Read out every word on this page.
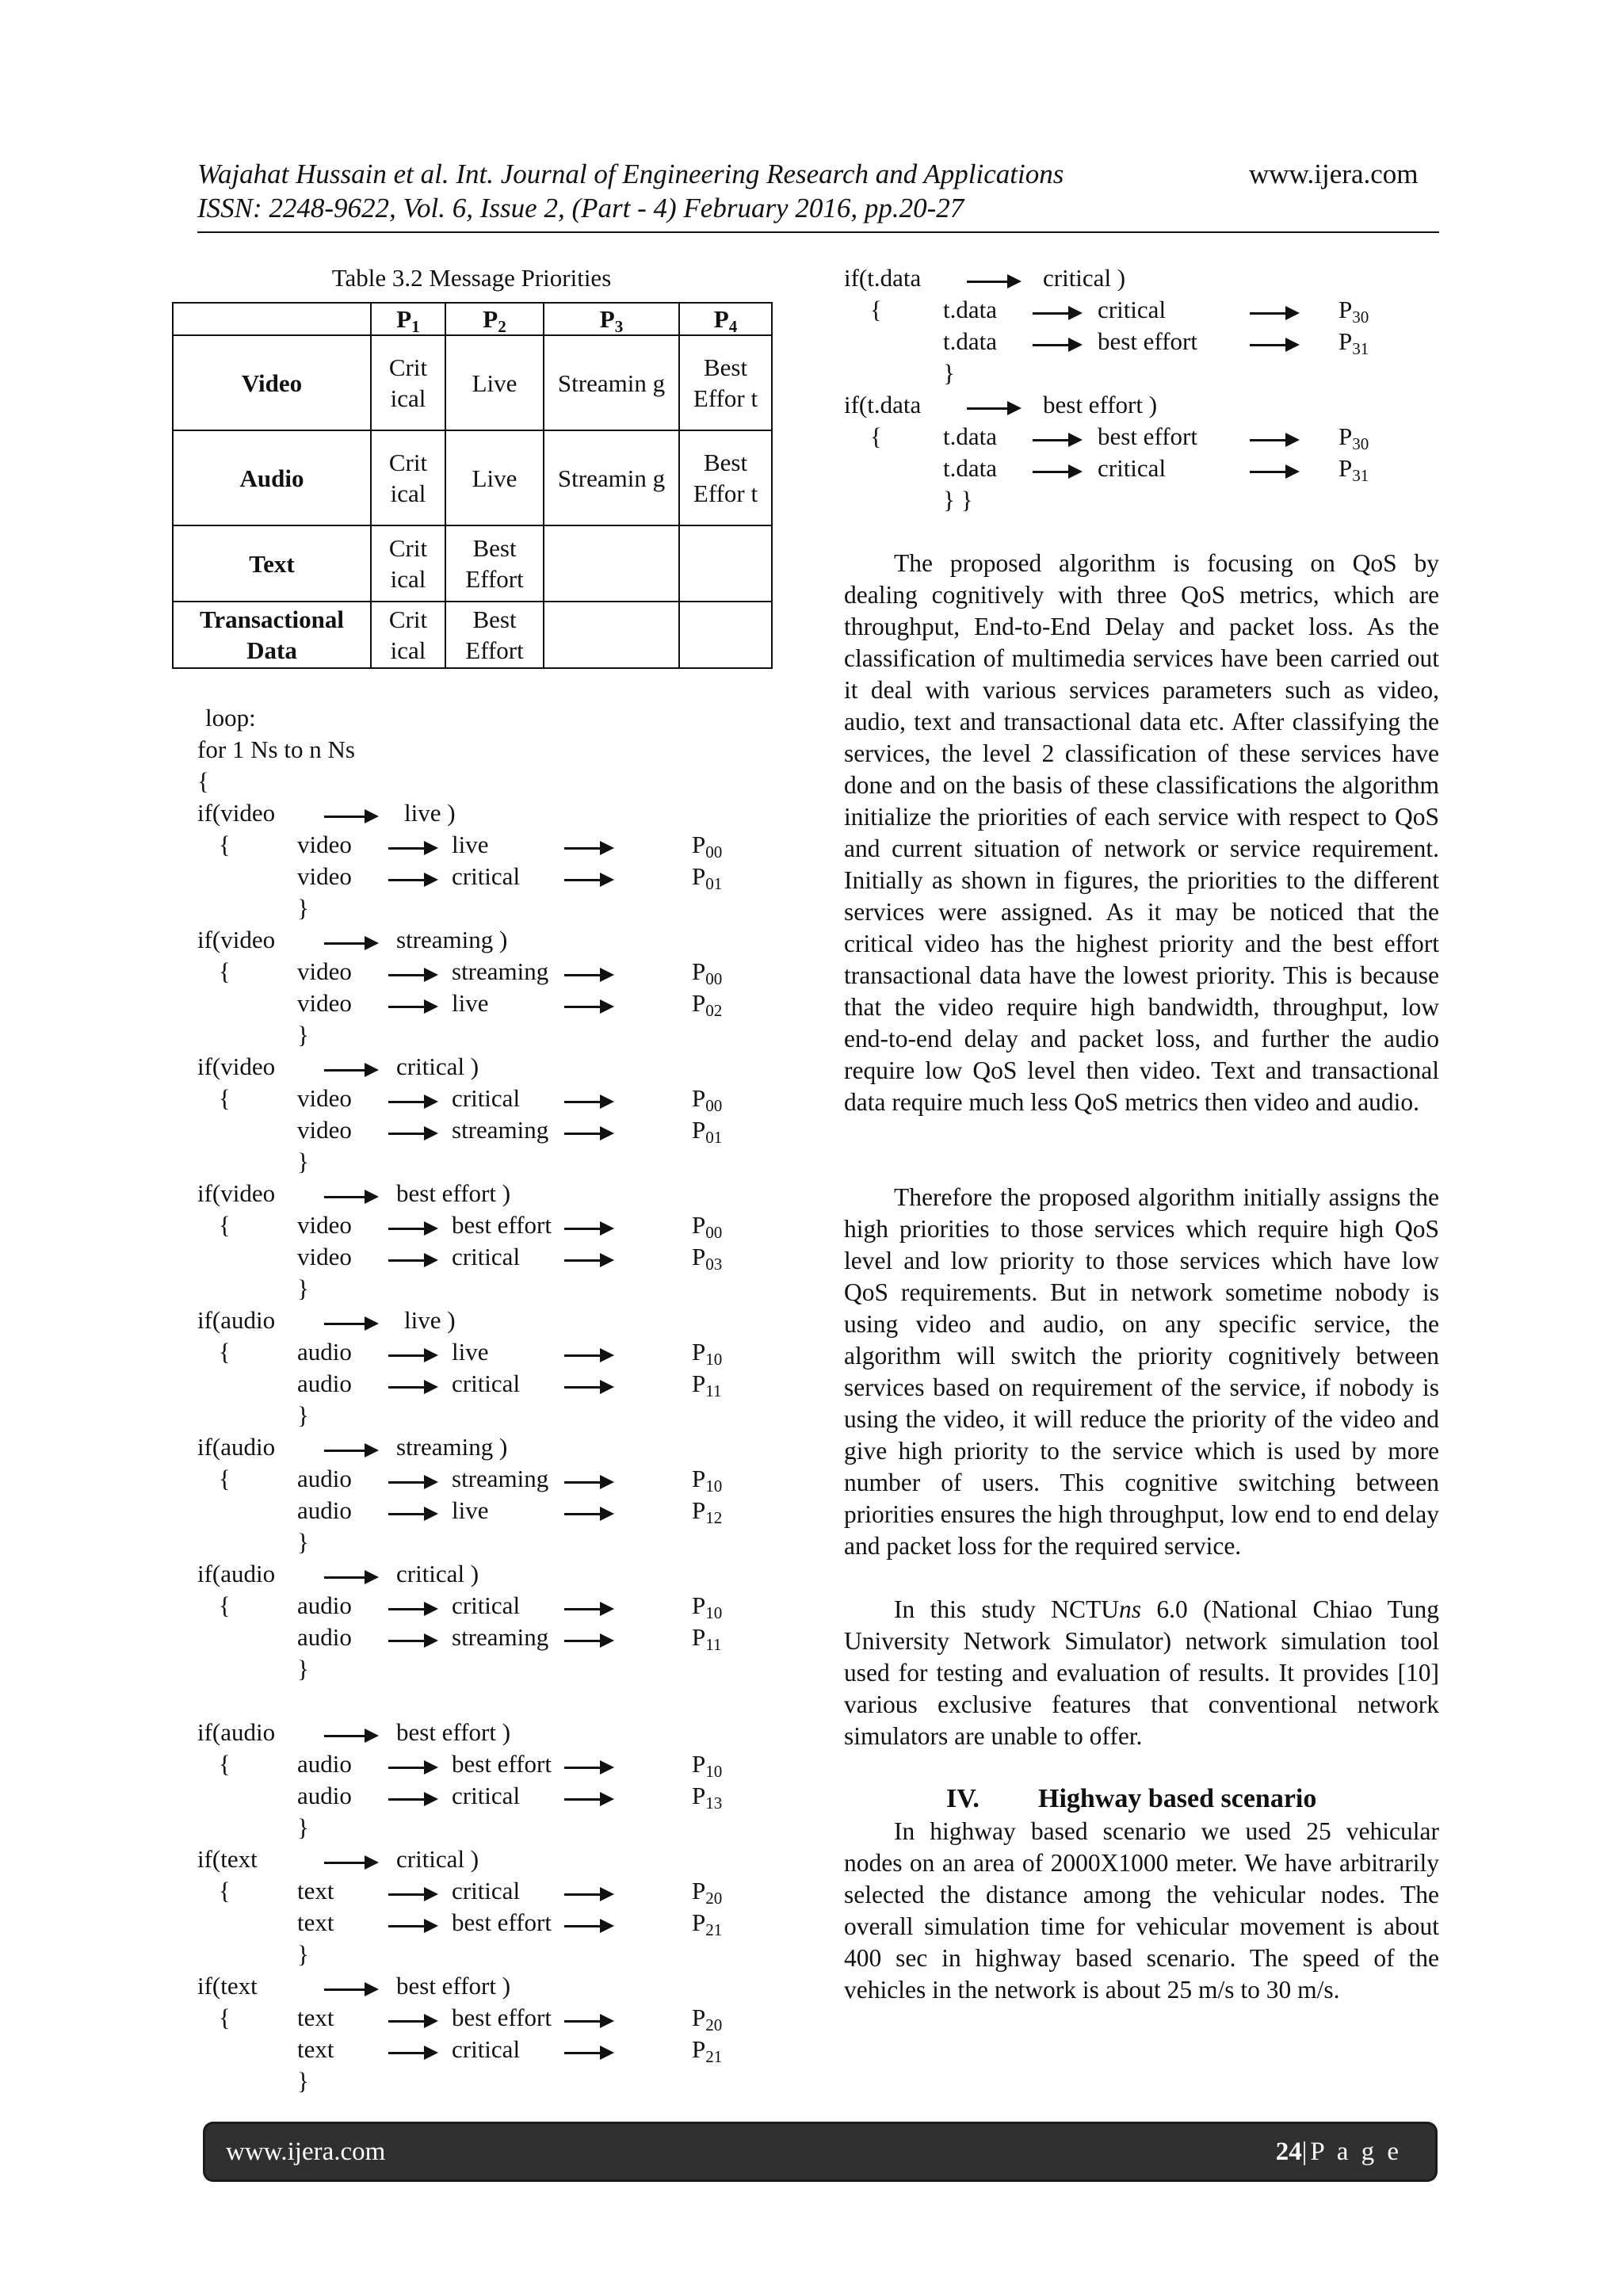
Wajahat Hussain et al. Int. Journal of Engineering Research and Applications
ISSN: 2248-9622, Vol. 6, Issue 2, (Part - 4) February 2016, pp.20-27
www.ijera.com
Table 3.2 Message Priorities
	$P_1$	$P_2$	$P_3$	$P_4$
Video	Crit ical	Live	Streamin g	Best Effor t
Audio	Crit ical	Live	Streamin g	Best Effor t
Text	Crit ical	Best Effort		
Transactional Data	Crit ical	Best Effort		
loop:
for 1 Ns to n Ns
{
if(video	live )
{	video	live	$P_{00}$
video	critical	$P_{01}$
}
if(video	streaming )
{	video	streaming	$P_{00}$
video	live	$P_{02}$
}
if(video	critical )
{	video	critical	$P_{00}$
video	streaming	$P_{01}$
}
if(video	best effort )
{	video	best effort	$P_{00}$
video	critical	$P_{03}$
}
if(audio	live )
{	audio	live	$P_{10}$
audio	critical	$P_{11}$
}
if(audio	streaming )
{	audio	streaming	$P_{10}$
audio	live	$P_{12}$
}
if(audio	critical )
{	audio	critical	$P_{10}$
audio	streaming	$P_{11}$
}
if(audio	best effort )
{	audio	best effort	$P_{10}$
audio	critical	$P_{13}$
}
if(text	critical )
{	text	critical	$P_{20}$
text	best effort	$P_{21}$
}
if(text	best effort )
{	text	best effort	$P_{20}$
text	critical	$P_{21}$
}
if(t.data	critical )
{ t.data	critical	$P_{30}$
t.data	best effort	$P_{31}$
}
if(t.data	best effort )
{ t.data	best effort	$P_{30}$
t.data	critical	$P_{31}$
} }
The proposed algorithm is focusing on QoS by dealing cognitively with three QoS metrics, which are throughput, End-to-End Delay and packet loss. As the classification of multimedia services have been carried out it deal with various services parameters such as video, audio, text and transactional data etc. After classifying the services, the level 2 classification of these services have done and on the basis of these classifications the algorithm initialize the priorities of each service with respect to QoS and current situation of network or service requirement. Initially as shown in figures, the priorities to the different services were assigned. As it may be noticed that the critical video has the highest priority and the best effort transactional data have the lowest priority. This is because that the video require high bandwidth, throughput, low end-to-end delay and packet loss, and further the audio require low QoS level then video. Text and transactional data require much less QoS metrics then video and audio.
Therefore the proposed algorithm initially assigns the high priorities to those services which require high QoS level and low priority to those services which have low QoS requirements. But in network sometime nobody is using video and audio, on any specific service, the algorithm will switch the priority cognitively between services based on requirement of the service, if nobody is using the video, it will reduce the priority of the video and give high priority to the service which is used by more number of users. This cognitive switching between priorities ensures the high throughput, low end to end delay and packet loss for the required service.
In this study NCTUns 6.0 (National Chiao Tung University Network Simulator) network simulation tool used for testing and evaluation of results. It provides [10] various exclusive features that conventional network simulators are unable to offer.
IV. Highway based scenario
In highway based scenario we used 25 vehicular nodes on an area of 2000X1000 meter. We have arbitrarily selected the distance among the vehicular nodes. The overall simulation time for vehicular movement is about 400 sec in highway based scenario. The speed of the vehicles in the network is about 25 m/s to 30 m/s.
www.ijera.com	24|P a g e
